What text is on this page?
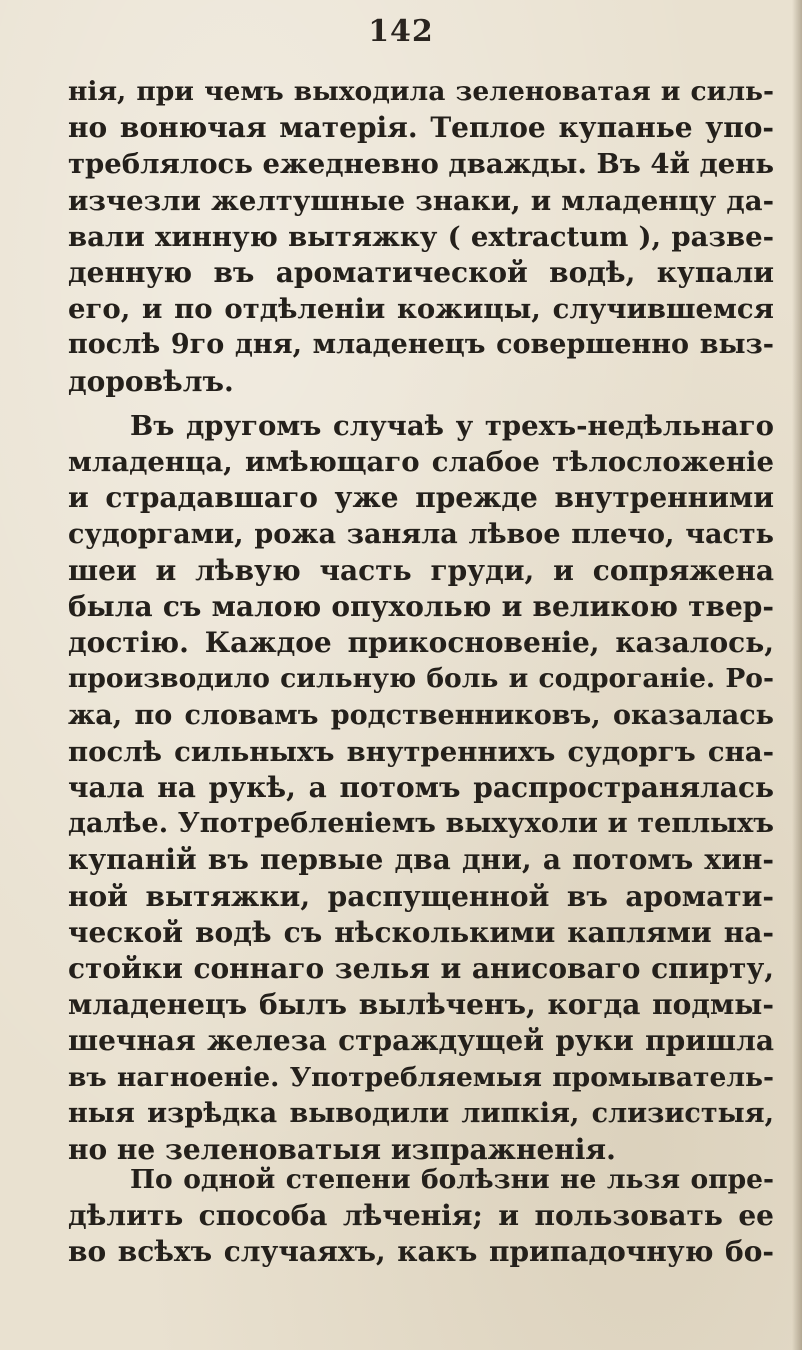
142
нія, при чемъ выходила зеленоватая и силь-
но вонючая матерія. Теплое купанье упо-
треблялось ежедневно дважды. Въ 4й день
изчезли желтушные знаки, и младенцу да-
вали хинную вытяжку ( extractum ), разве-
денную въ ароматической водѣ, купали
его, и по отдѣленіи кожицы, случившемся
послѣ 9го дня, младенецъ совершенно выз-
доровѣлъ.
Въ другомъ случаѣ у трехъ-недѣльнаго
младенца, имѣющаго слабое тѣлосложеніе
и страдавшаго уже прежде внутренними
судоргами, рожа заняла лѣвое плечо, часть
шеи и лѣвую часть груди, и сопряжена
была съ малою опухолью и великою твер-
достію. Каждое прикосновеніе, казалось,
производило сильную боль и содроганіе. Ро-
жа, по словамъ родственниковъ, оказалась
послѣ сильныхъ внутреннихъ судоргъ сна-
чала на рукѣ, а потомъ распространялась
далѣе. Употребленіемъ выхухоли и теплыхъ
купаній въ первые два дни, а потомъ хин-
ной вытяжки, распущенной въ аромати-
ческой водѣ съ нѣсколькими каплями на-
стойки соннаго зелья и анисоваго спирту,
младенецъ былъ вылѣченъ, когда подмы-
шечная железа страждущей руки пришла
въ нагноеніе. Употребляемыя промыватель-
ныя изрѣдка выводили липкія, слизистыя,
но не зеленоватыя изпражненія.
По одной степени болѣзни не льзя опре-
дѣлить способа лѣченія; и пользовать ее
во всѣхъ случаяхъ, какъ припадочную бо-
